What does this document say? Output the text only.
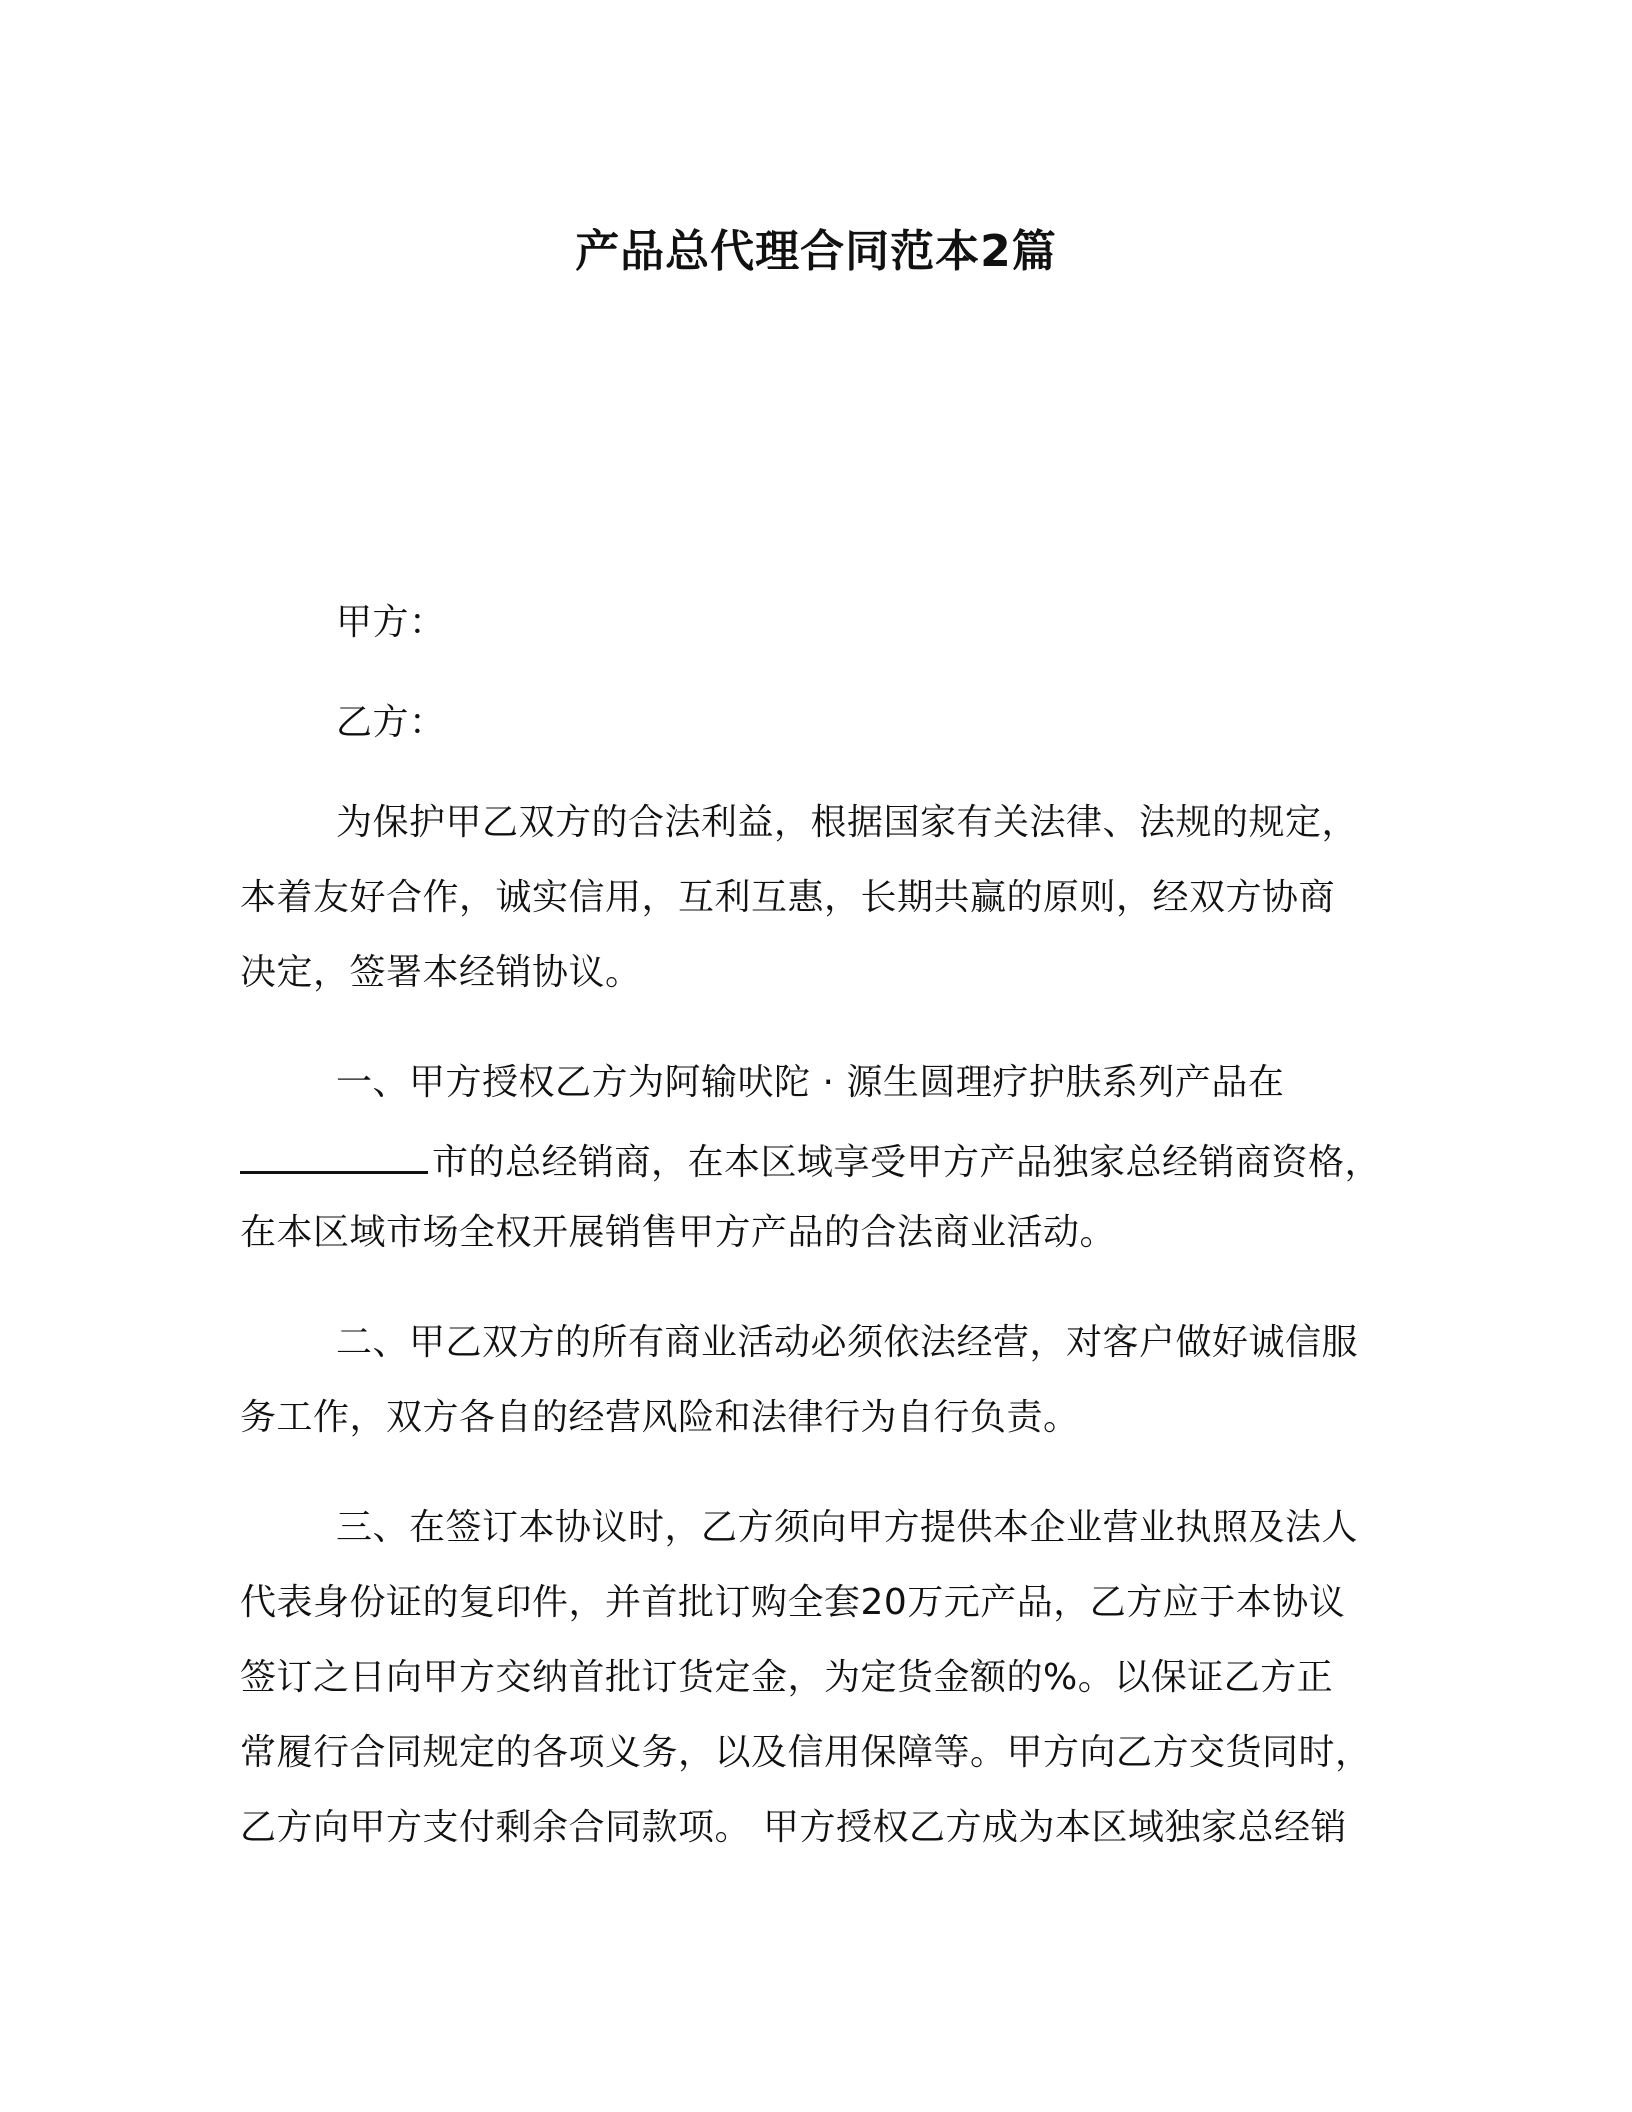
产品总代理合同范本2篇
甲方：
乙方：
为保护甲乙双方的合法利益，根据国家有关法律、法规的规定，
本着友好合作，诚实信用，互利互惠，长期共赢的原则，经双方协商
决定，签署本经销协议。
一、甲方授权乙方为阿输吠陀 · 源生圆理疗护肤系列产品在
市的总经销商，在本区域享受甲方产品独家总经销商资格，
在本区域市场全权开展销售甲方产品的合法商业活动。
二、甲乙双方的所有商业活动必须依法经营，对客户做好诚信服
务工作，双方各自的经营风险和法律行为自行负责。
三、在签订本协议时，乙方须向甲方提供本企业营业执照及法人
代表身份证的复印件，并首批订购全套20万元产品，乙方应于本协议
签订之日向甲方交纳首批订货定金，为定货金额的%。以保证乙方正
常履行合同规定的各项义务，以及信用保障等。甲方向乙方交货同时，
乙方向甲方支付剩余合同款项。 甲方授权乙方成为本区域独家总经销
